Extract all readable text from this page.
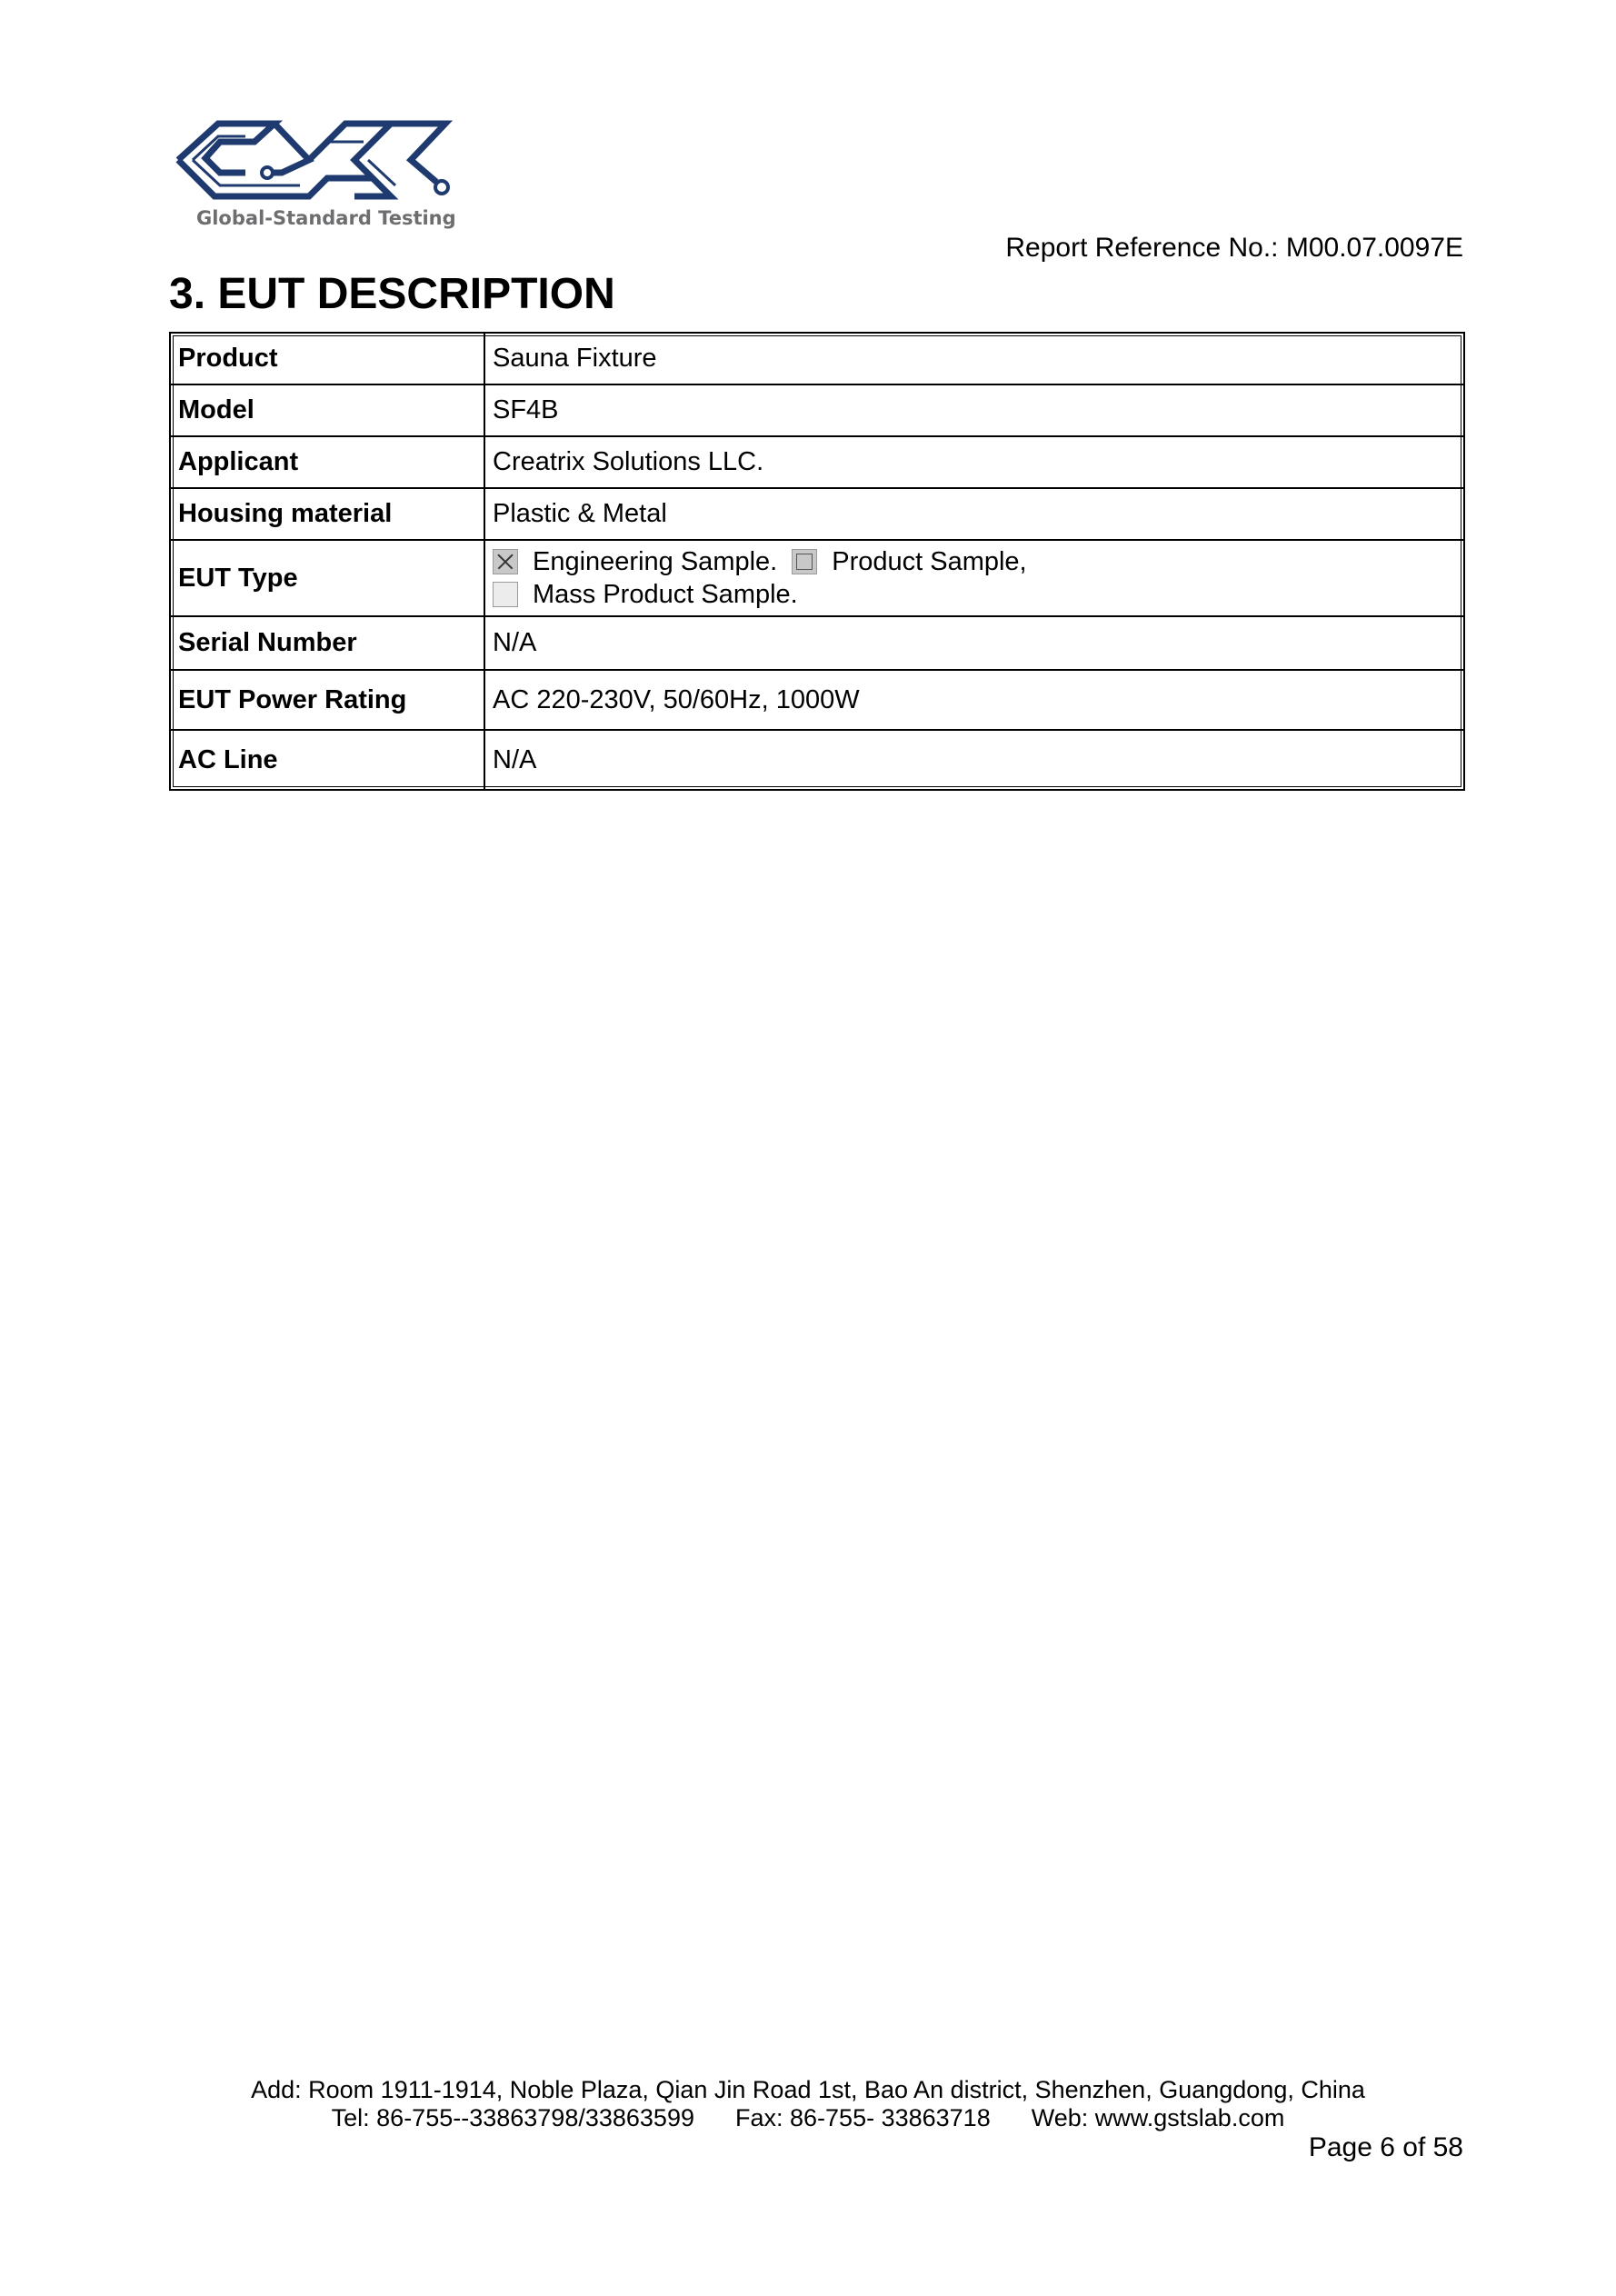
Global-Standard Testing
Report Reference No.: M00.07.0097E
3. EUT DESCRIPTION
Product	Sauna Fixture
Model	SF4B
Applicant	Creatrix Solutions LLC.
Housing material	Plastic & Metal
EUT Type	Engineering Sample. Product Sample,
Mass Product Sample.

Serial Number	N/A
EUT Power Rating	AC 220-230V, 50/60Hz, 1000W
AC Line	N/A
Add: Room 1911-1914, Noble Plaza, Qian Jin Road 1st, Bao An district, Shenzhen, Guangdong, China
Tel: 86-755--33863798/33863599 Fax: 86-755- 33863718 Web: www.gstslab.com
Page 6 of 58
